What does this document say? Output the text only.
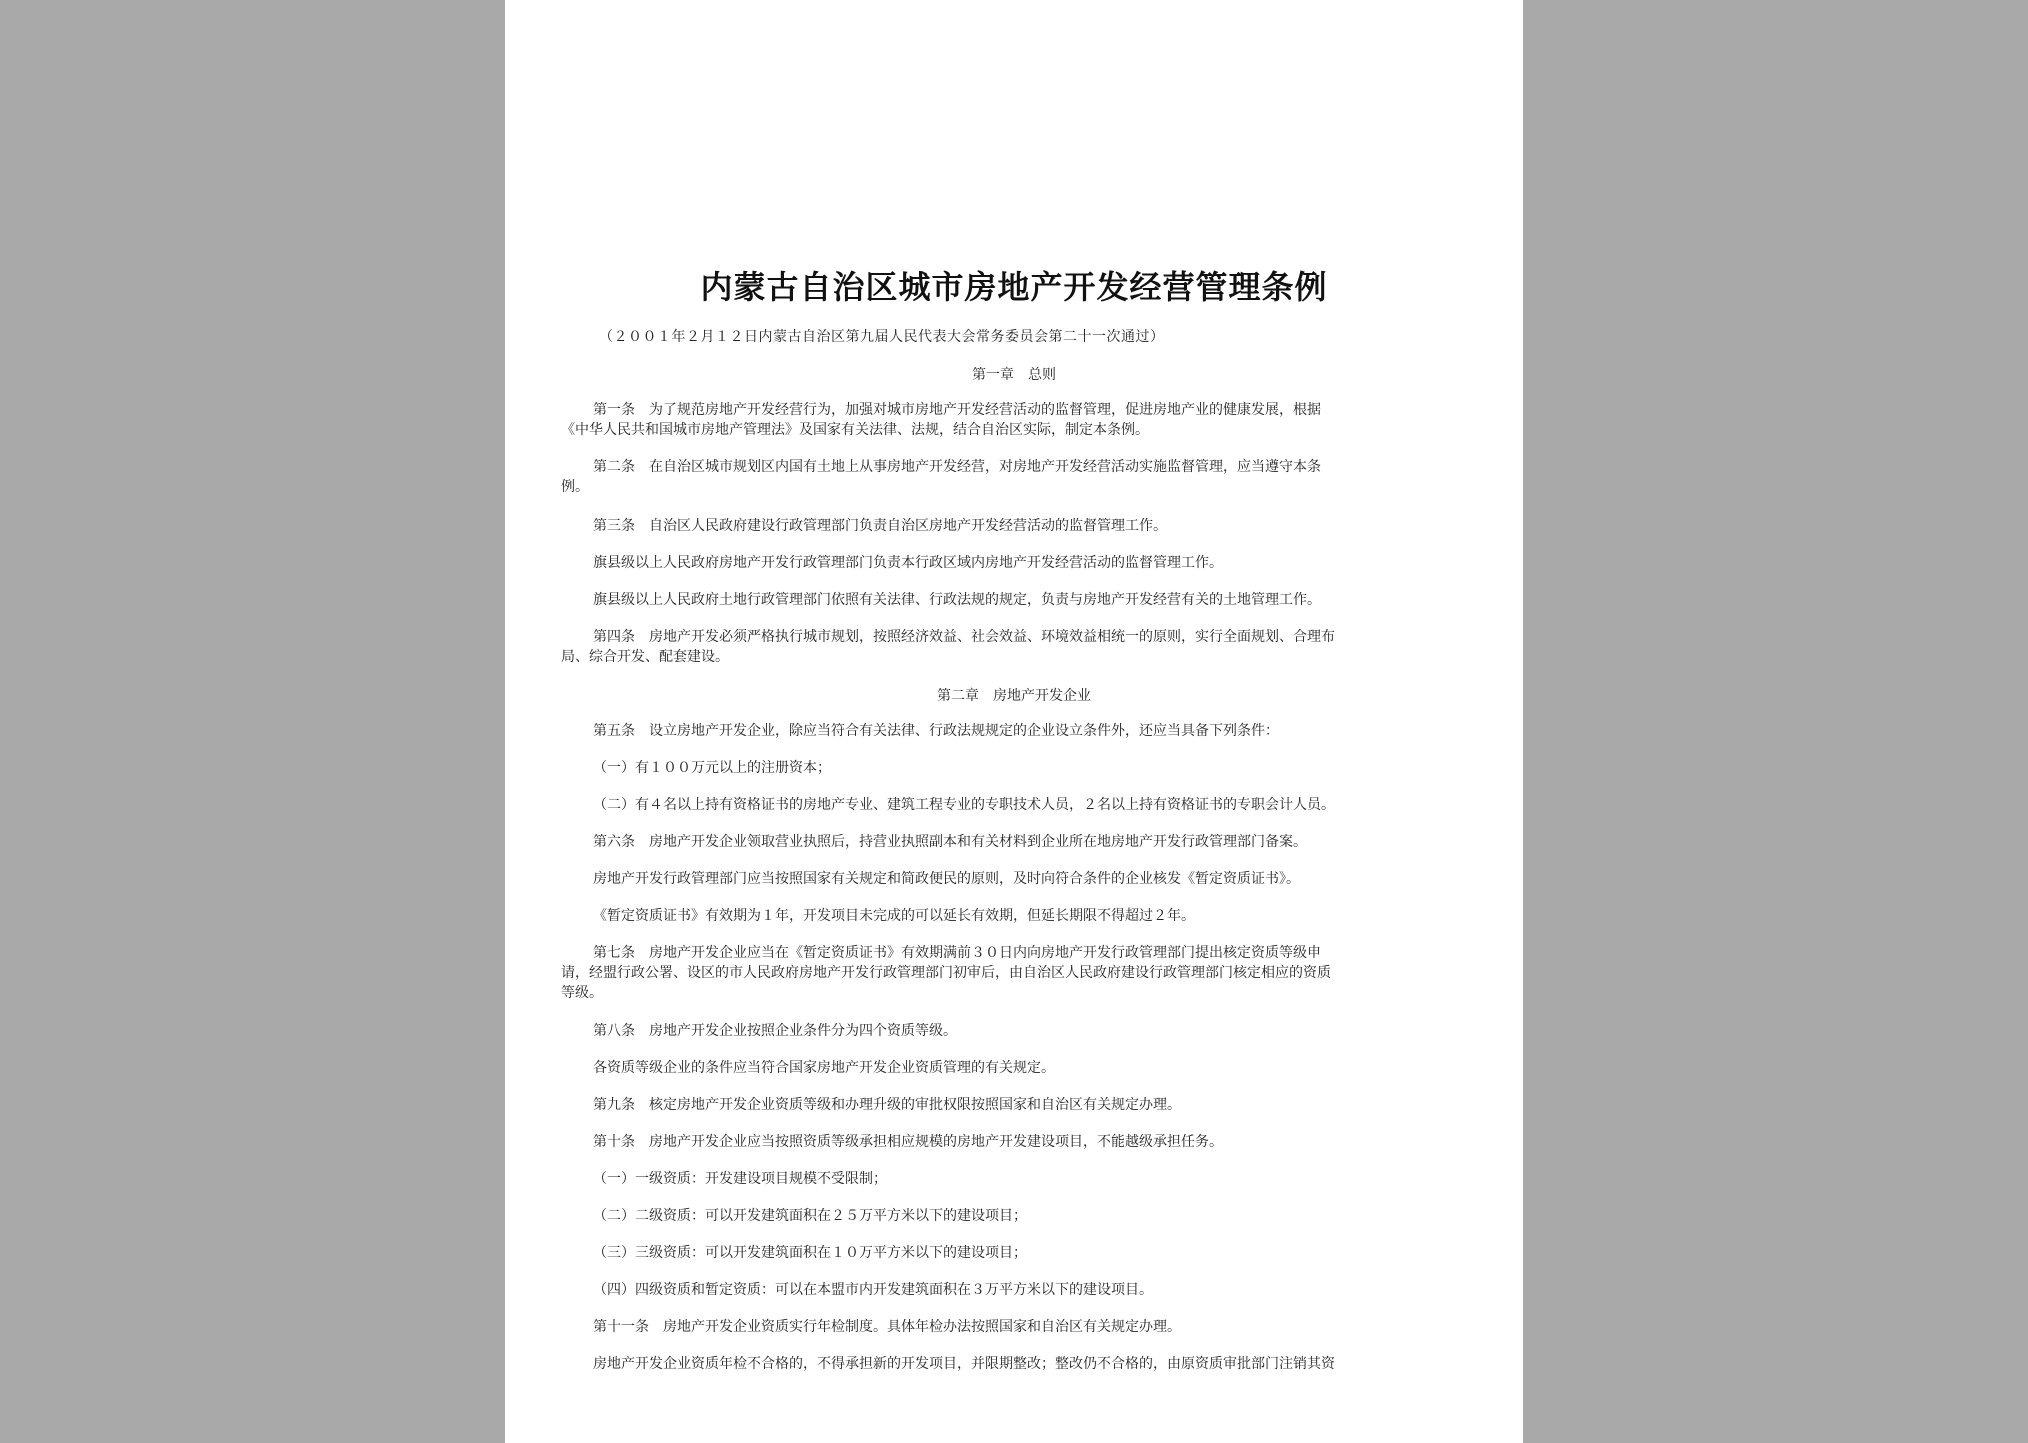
内蒙古自治区城市房地产开发经营管理条例
（２００１年２月１２日内蒙古自治区第九届人民代表大会常务委员会第二十一次通过）
第一章　总则
第一条　为了规范房地产开发经营行为，加强对城市房地产开发经营活动的监督管理，促进房地产业的健康发展，根据
《中华人民共和国城市房地产管理法》及国家有关法律、法规，结合自治区实际，制定本条例。
第二条　在自治区城市规划区内国有土地上从事房地产开发经营，对房地产开发经营活动实施监督管理，应当遵守本条
例。
第三条　自治区人民政府建设行政管理部门负责自治区房地产开发经营活动的监督管理工作。
旗县级以上人民政府房地产开发行政管理部门负责本行政区域内房地产开发经营活动的监督管理工作。
旗县级以上人民政府土地行政管理部门依照有关法律、行政法规的规定，负责与房地产开发经营有关的土地管理工作。
第四条　房地产开发必须严格执行城市规划，按照经济效益、社会效益、环境效益相统一的原则，实行全面规划、合理布
局、综合开发、配套建设。
第二章　房地产开发企业
第五条　设立房地产开发企业，除应当符合有关法律、行政法规规定的企业设立条件外，还应当具备下列条件：
（一）有１００万元以上的注册资本；
（二）有４名以上持有资格证书的房地产专业、建筑工程专业的专职技术人员，２名以上持有资格证书的专职会计人员。
第六条　房地产开发企业领取营业执照后，持营业执照副本和有关材料到企业所在地房地产开发行政管理部门备案。
房地产开发行政管理部门应当按照国家有关规定和简政便民的原则，及时向符合条件的企业核发《暂定资质证书》。
《暂定资质证书》有效期为１年，开发项目未完成的可以延长有效期，但延长期限不得超过２年。
第七条　房地产开发企业应当在《暂定资质证书》有效期满前３０日内向房地产开发行政管理部门提出核定资质等级申
请，经盟行政公署、设区的市人民政府房地产开发行政管理部门初审后，由自治区人民政府建设行政管理部门核定相应的资质
等级。
第八条　房地产开发企业按照企业条件分为四个资质等级。
各资质等级企业的条件应当符合国家房地产开发企业资质管理的有关规定。
第九条　核定房地产开发企业资质等级和办理升级的审批权限按照国家和自治区有关规定办理。
第十条　房地产开发企业应当按照资质等级承担相应规模的房地产开发建设项目，不能越级承担任务。
（一）一级资质：开发建设项目规模不受限制；
（二）二级资质：可以开发建筑面积在２５万平方米以下的建设项目；
（三）三级资质：可以开发建筑面积在１０万平方米以下的建设项目；
（四）四级资质和暂定资质：可以在本盟市内开发建筑面积在３万平方米以下的建设项目。
第十一条　房地产开发企业资质实行年检制度。具体年检办法按照国家和自治区有关规定办理。
房地产开发企业资质年检不合格的，不得承担新的开发项目，并限期整改；整改仍不合格的，由原资质审批部门注销其资
